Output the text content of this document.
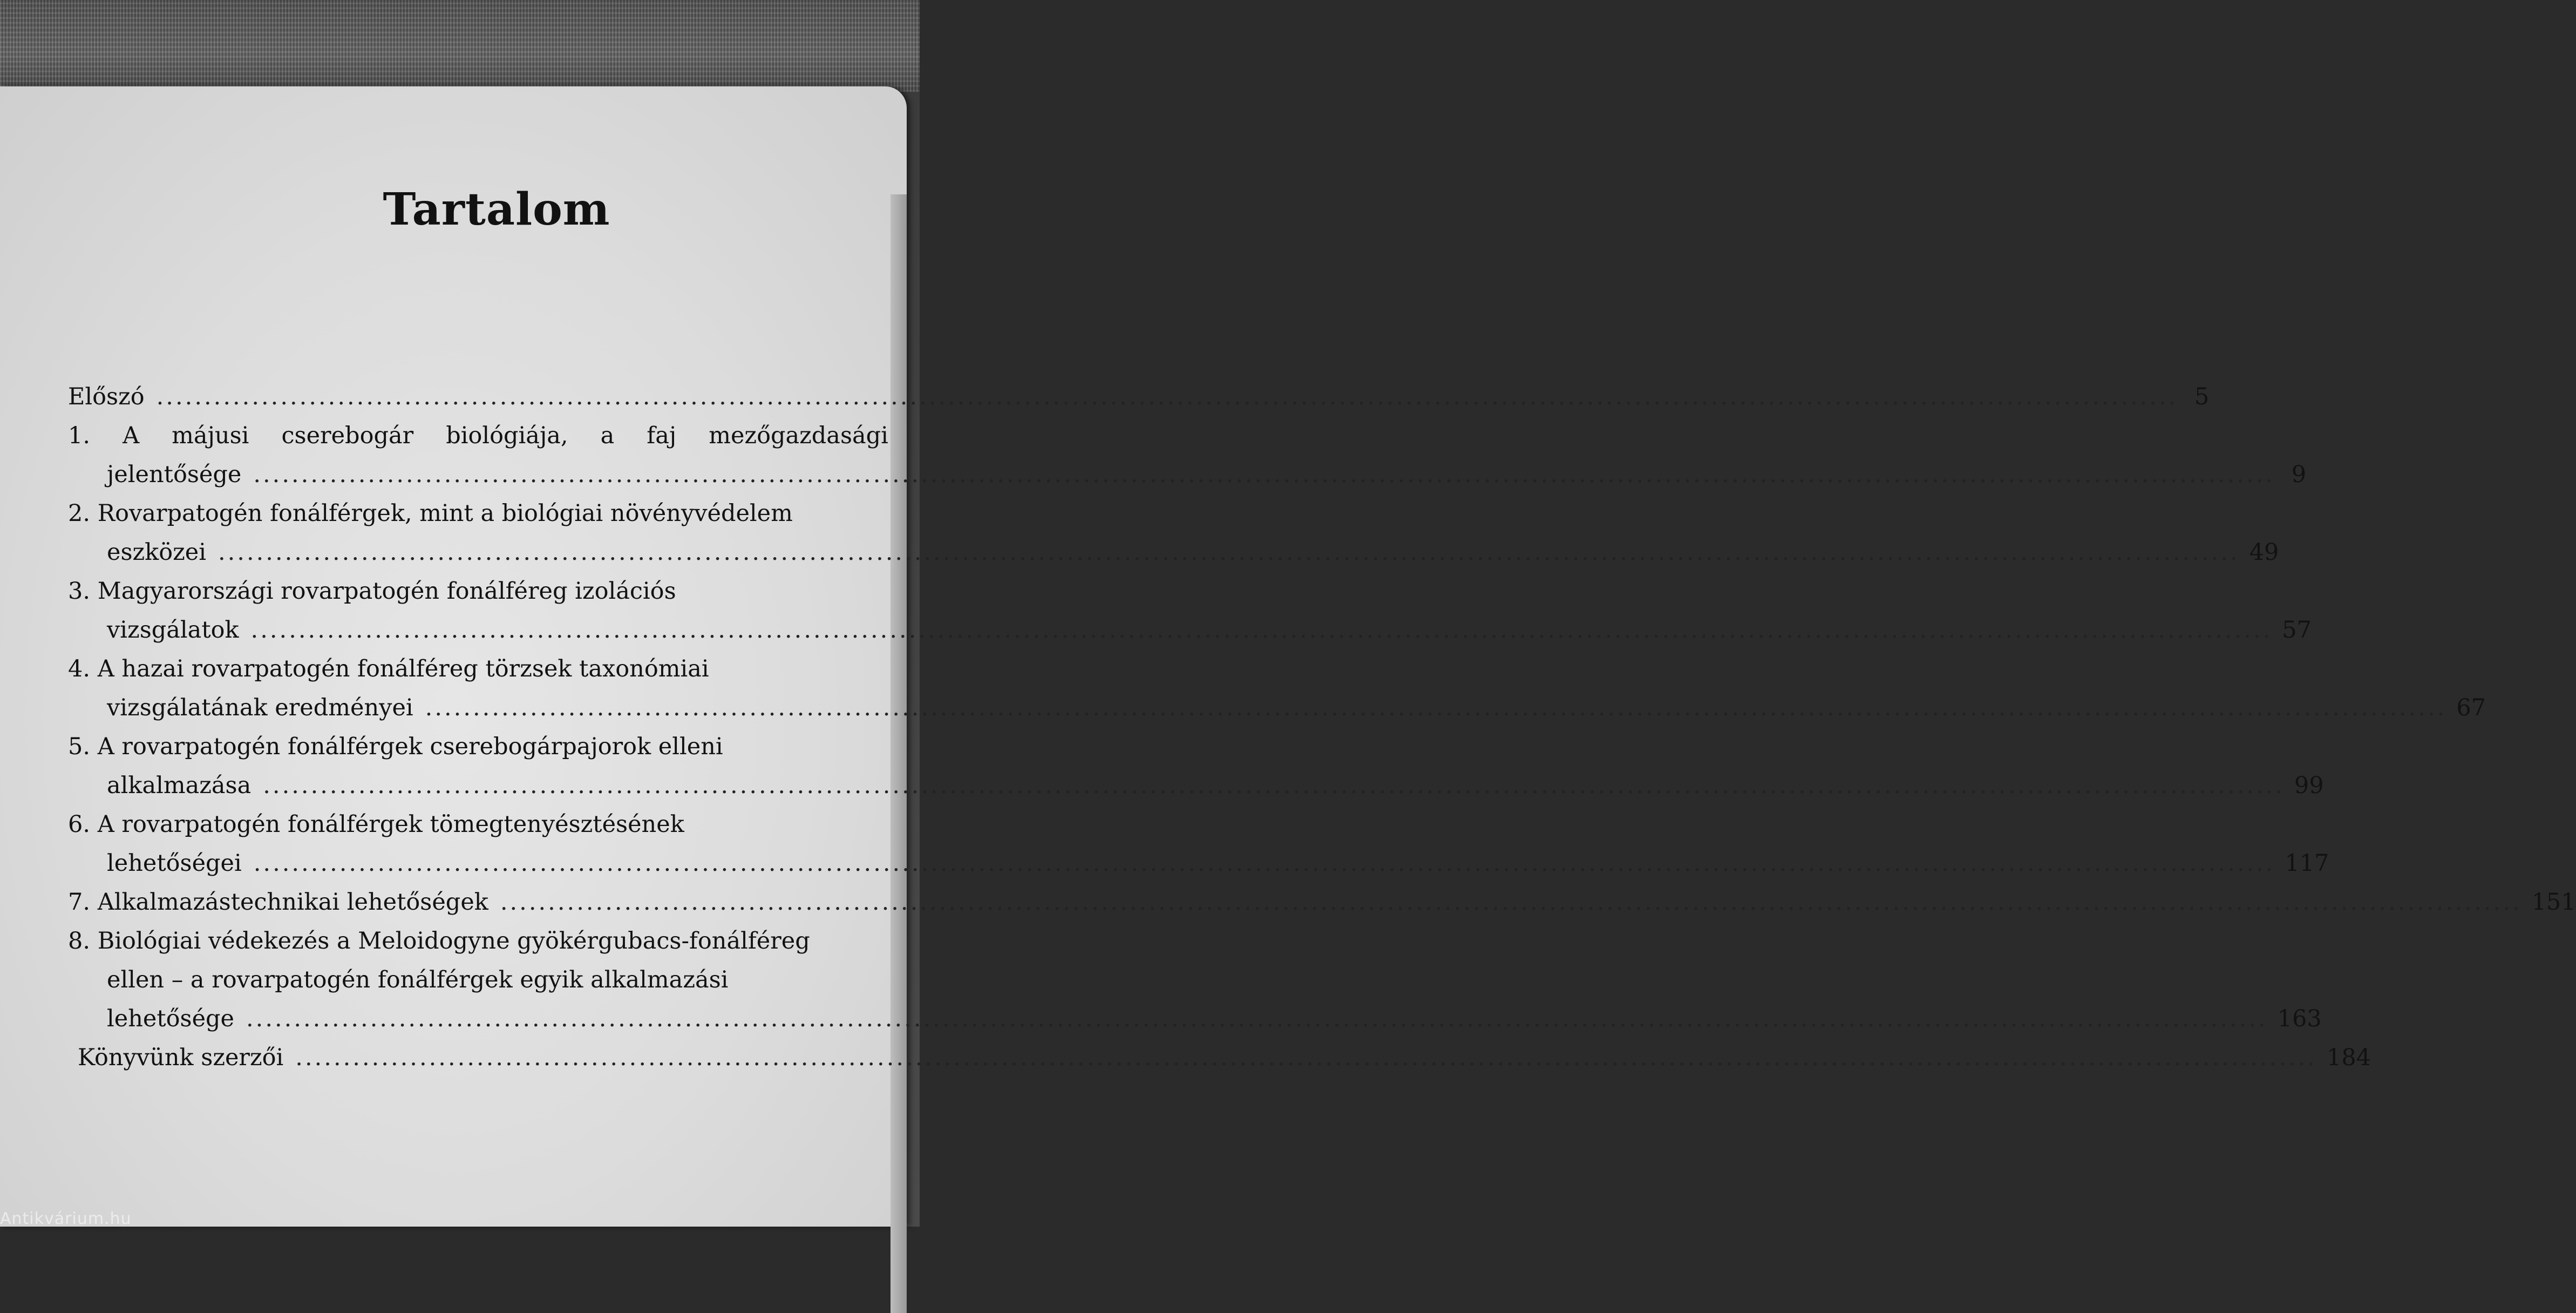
Tartalom
Előszó .....	5
1. A májusi cserebogár biológiája, a faj mezőgazdasági
jelentősége .....	9
2. Rovarpatogén fonálférgek, mint a biológiai növényvédelem
eszközei .....	49
3. Magyarországi rovarpatogén fonálféreg izolációs
vizsgálatok .....	57
4. A hazai rovarpatogén fonálféreg törzsek taxonómiai
vizsgálatának eredményei .....	67
5. A rovarpatogén fonálférgek cserebogárpajorok elleni
alkalmazása .....	99
6. A rovarpatogén fonálférgek tömegtenyésztésének
lehetőségei .....	117
7. Alkalmazástechnikai lehetőségek .....	151
8. Biológiai védekezés a Meloidogyne gyökérgubacs-fonálféreg
ellen – a rovarpatogén fonálférgek egyik alkalmazási
lehetősége .....	163
Könyvünk szerzői .....	184
Antikvárium.hu
